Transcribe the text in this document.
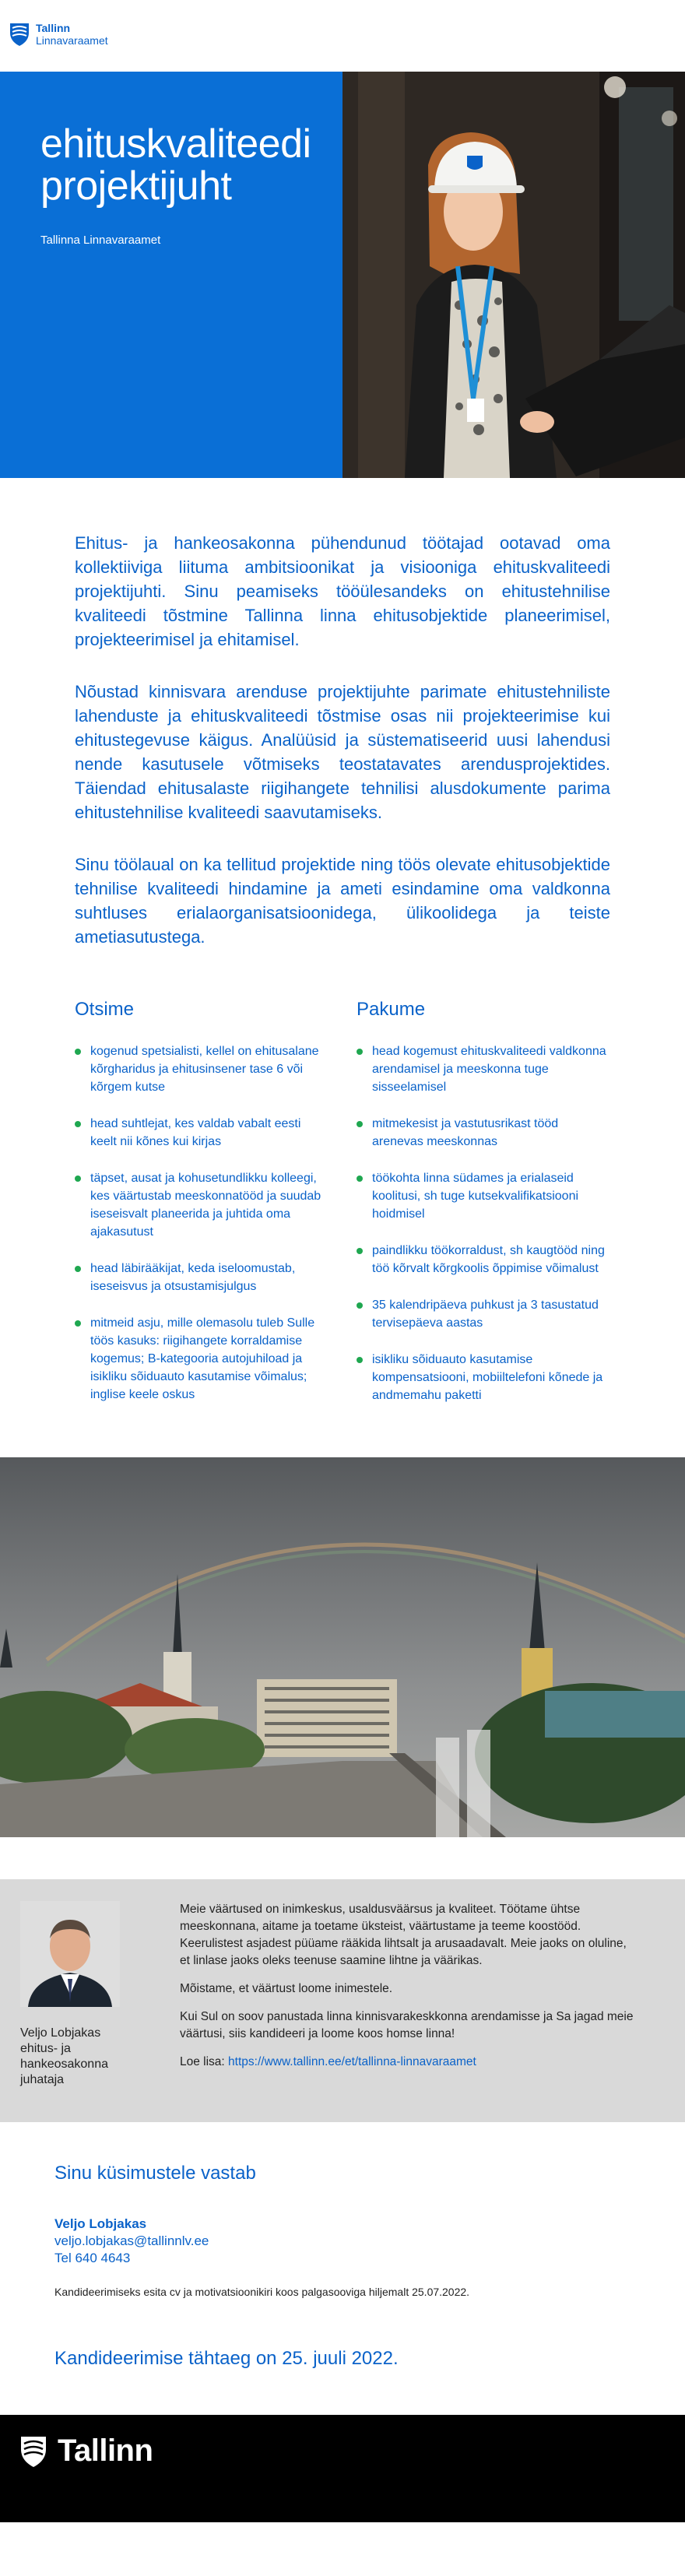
Tallinn
Linnavaraamet
ehituskvaliteedi
projektijuht
Tallinna Linnavaraamet

Ehitus- ja hankeosakonna pühendunud töötajad ootavad oma kollektiiviga liituma ambitsioonikat ja visiooniga ehituskvaliteedi projektijuhti. Sinu peamiseks tööülesandeks on ehitustehnilise kvaliteedi tõstmine Tallinna linna ehitusobjektide planeerimisel, projekteerimisel ja ehitamisel.

Nõustad kinnisvara arenduse projektijuhte parimate ehitustehniliste lahenduste ja ehituskvaliteedi tõstmise osas nii projekteerimise kui ehitustegevuse käigus. Analüüsid ja süstematiseerid uusi lahendusi nende kasutusele võtmiseks teostatavates arendusprojektides. Täiendad ehitusalaste riigihangete tehnilisi alusdokumente parima ehitustehnilise kvaliteedi saavutamiseks.

Sinu töölaual on ka tellitud projektide ning töös olevate ehitusobjektide tehnilise kvaliteedi hindamine ja ameti esindamine oma valdkonna suhtluses erialaorganisatsioonidega, ülikoolidega ja teiste ametiasutustega.

Otsime
kogenud spetsialisti, kellel on ehitusalane kõrgharidus ja ehitusinsener tase 6 või kõrgem kutse
head suhtlejat, kes valdab vabalt eesti keelt nii kõnes kui kirjas
täpset, ausat ja kohusetundlikku kolleegi, kes väärtustab meeskonnatööd ja suudab iseseisvalt planeerida ja juhtida oma ajakasutust
head läbirääkijat, keda iseloomustab, iseseisvus ja otsustamisjulgus
mitmeid asju, mille olemasolu tuleb Sulle töös kasuks: riigihangete korraldamise kogemus; B-kategooria autojuhiload ja isikliku sõiduauto kasutamise võimalus; inglise keele oskus
Pakume
head kogemust ehituskvaliteedi valdkonna arendamisel ja meeskonna tuge sisseelamisel
mitmekesist ja vastutusrikast tööd arenevas meeskonnas
töökohta linna südames ja erialaseid koolitusi, sh tuge kutsekvalifikatsiooni hoidmisel
paindlikku töökorraldust, sh kaugtööd ning töö kõrvalt kõrgkoolis õppimise võimalust
35 kalendripäeva puhkust ja 3 tasustatud tervisepäeva aastas
isikliku sõiduauto kasutamise kompensatsiooni, mobiiltelefoni kõnede ja andmemahu paketti
Veljo Lobjakas
ehitus- ja
hankeosakonna
juhataja

Meie väärtused on inimkeskus, usaldusväärsus ja kvaliteet. Töötame ühtse meeskonnana, aitame ja toetame üksteist, väärtustame ja teeme koostööd. Keerulistest asjadest püüame rääkida lihtsalt ja arusaadavalt. Meie jaoks on oluline, et linlase jaoks oleks teenuse saamine lihtne ja väärikas.

Mõistame, et väärtust loome inimestele.

Kui Sul on soov panustada linna kinnisvarakeskkonna arendamisse ja Sa jagad meie väärtusi, siis kandideeri ja loome koos homse linna!

Loe lisa: https://www.tallinn.ee/et/tallinna-linnavaraamet

Sinu küsimustele vastab
Veljo Lobjakas
veljo.lobjakas@tallinnlv.ee
Tel 640 4643
Kandideerimiseks esita cv ja motivatsioonikiri koos palgasooviga hiljemalt 25.07.2022.
Kandideerimise tähtaeg on 25. juuli 2022.
Tallinn
